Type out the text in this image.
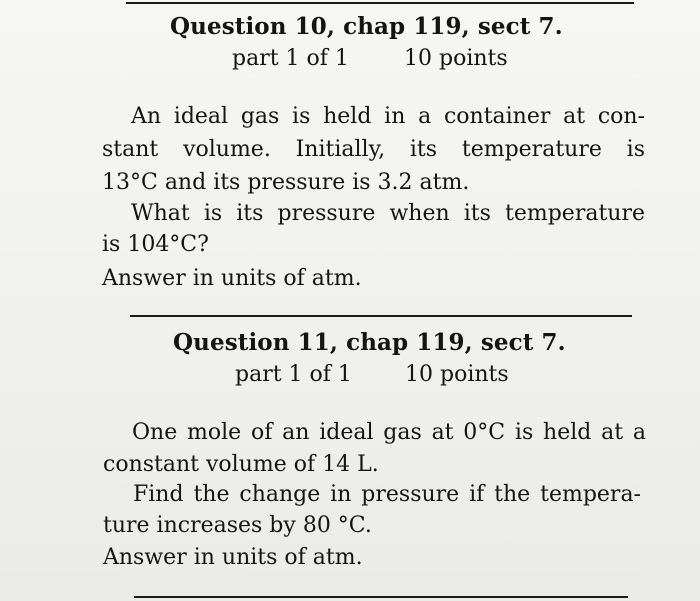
Question 10, chap 119, sect 7.
part 1 of 1	10 points
An ideal gas is held in a container at con-
stant volume. Initially, its temperature is
13°C and its pressure is 3.2 atm.
What is its pressure when its temperature
is 104°C?
Answer in units of atm.
Question 11, chap 119, sect 7.
part 1 of 1 10 points
One mole of an ideal gas at 0°C is held at a
constant volume of 14 L.
Find the change in pressure if the tempera-
ture increases by 80 °C.
Answer in units of atm.
